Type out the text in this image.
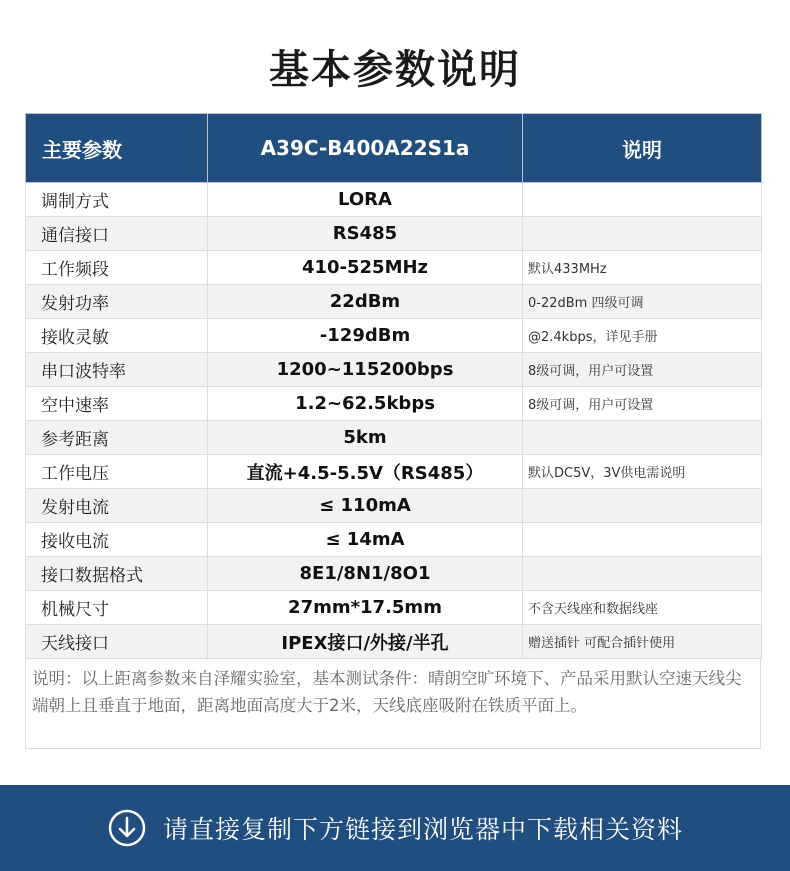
基本参数说明
主要参数	A39C-B400A22S1a	说明
调制方式	LORA	
通信接口	RS485	
工作频段	410-525MHz	默认433MHz
发射功率	22dBm	0-22dBm 四级可调
接收灵敏	-129dBm	@2.4kbps，详见手册
串口波特率	1200~115200bps	8级可调，用户可设置
空中速率	1.2~62.5kbps	8级可调，用户可设置
参考距离	5km	
工作电压	直流+4.5-5.5V（RS485）	默认DC5V，3V供电需说明
发射电流	≤ 110mA	
接收电流	≤ 14mA	
接口数据格式	8E1/8N1/8O1	
机械尺寸	27mm*17.5mm	不含天线座和数据线座
天线接口	IPEX接口/外接/半孔	赠送插针 可配合插针使用
说明：以上距离参数来自泽耀实验室，基本测试条件：晴朗空旷环境下、产品采用默认空速天线尖端朝上且垂直于地面，距离地面高度大于2米，天线底座吸附在铁质平面上。
请直接复制下方链接到浏览器中下载相关资料
